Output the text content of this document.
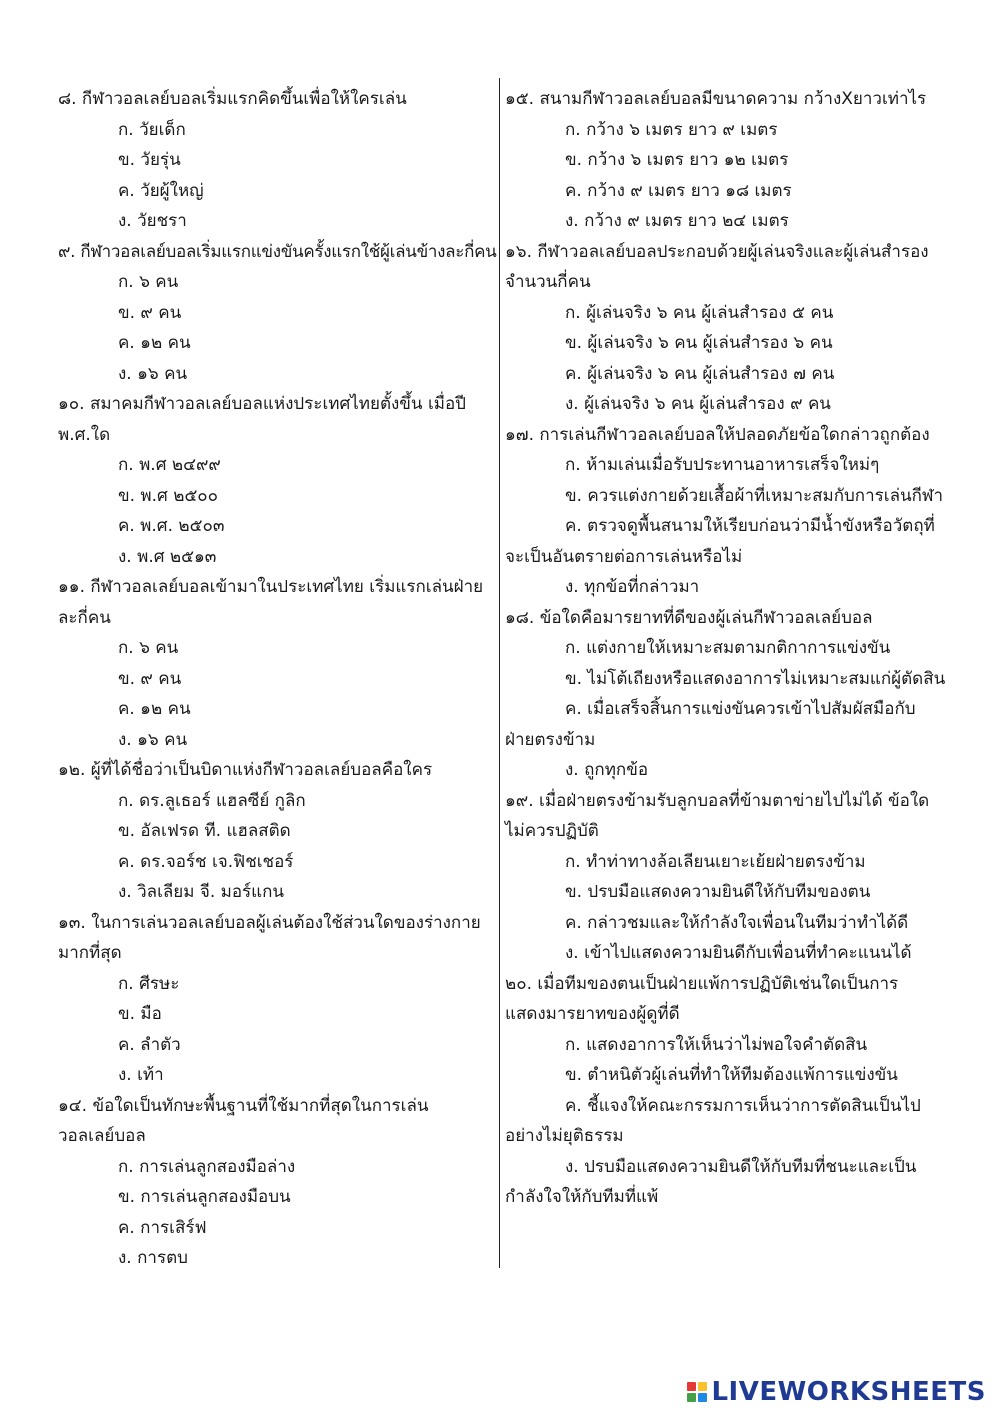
๘. กีฬาวอลเลย์บอลเริ่มแรกคิดขึ้นเพื่อให้ใครเล่น
ก. วัยเด็ก
ข. วัยรุ่น
ค. วัยผู้ใหญ่
ง. วัยชรา
๙. กีฬาวอลเลย์บอลเริ่มแรกแข่งขันครั้งแรกใช้ผู้เล่นข้างละกี่คน
ก. ๖ คน
ข. ๙ คน
ค. ๑๒ คน
ง. ๑๖ คน
๑๐. สมาคมกีฬาวอลเลย์บอลแห่งประเทศไทยตั้งขึ้น เมื่อปี พ.ศ.ใด
ก. พ.ศ ๒๔๙๙
ข. พ.ศ ๒๕๐๐
ค. พ.ศ. ๒๕๐๓
ง. พ.ศ ๒๕๑๓
๑๑. กีฬาวอลเลย์บอลเข้ามาในประเทศไทย เริ่มแรกเล่นฝ่ายละกี่คน
ก. ๖ คน
ข. ๙ คน
ค. ๑๒ คน
ง. ๑๖ คน
๑๒. ผู้ที่ได้ชื่อว่าเป็นบิดาแห่งกีฬาวอลเลย์บอลคือใคร
ก. ดร.ลูเธอร์ แฮลซีย์ กูลิก
ข. อัลเฟรด ที. แฮลสติด
ค. ดร.จอร์ช เจ.ฟิชเชอร์
ง. วิลเลียม จี. มอร์แกน
๑๓. ในการเล่นวอลเลย์บอลผู้เล่นต้องใช้ส่วนใดของร่างกายมากที่สุด
ก. ศีรษะ
ข. มือ
ค. ลำตัว
ง. เท้า
๑๔. ข้อใดเป็นทักษะพื้นฐานที่ใช้มากที่สุดในการเล่นวอลเลย์บอล
ก. การเล่นลูกสองมือล่าง
ข. การเล่นลูกสองมือบน
ค. การเสิร์ฟ
ง. การตบ
๑๕. สนามกีฬาวอลเลย์บอลมีขนาดความ กว้างXยาวเท่าไร
ก. กว้าง ๖ เมตร ยาว ๙ เมตร
ข. กว้าง ๖ เมตร ยาว ๑๒ เมตร
ค. กว้าง ๙ เมตร ยาว ๑๘ เมตร
ง. กว้าง ๙ เมตร ยาว ๒๔ เมตร
๑๖. กีฬาวอลเลย์บอลประกอบด้วยผู้เล่นจริงและผู้เล่นสำรองจำนวนกี่คน
ก. ผู้เล่นจริง ๖ คน ผู้เล่นสำรอง ๕ คน
ข. ผู้เล่นจริง ๖ คน ผู้เล่นสำรอง ๖ คน
ค. ผู้เล่นจริง ๖ คน ผู้เล่นสำรอง ๗ คน
ง. ผู้เล่นจริง ๖ คน ผู้เล่นสำรอง ๙ คน
๑๗. การเล่นกีฬาวอลเลย์บอลให้ปลอดภัยข้อใดกล่าวถูกต้อง
ก. ห้ามเล่นเมื่อรับประทานอาหารเสร็จใหม่ๆ
ข. ควรแต่งกายด้วยเสื้อผ้าที่เหมาะสมกับการเล่นกีฬา
ค. ตรวจดูพื้นสนามให้เรียบก่อนว่ามีน้ำขังหรือวัตถุที่จะเป็นอันตรายต่อการเล่นหรือไม่
ง. ทุกข้อที่กล่าวมา
๑๘. ข้อใดคือมารยาทที่ดีของผู้เล่นกีฬาวอลเลย์บอล
ก. แต่งกายให้เหมาะสมตามกติกาการแข่งขัน
ข. ไม่โต้เถียงหรือแสดงอาการไม่เหมาะสมแก่ผู้ตัดสิน
ค. เมื่อเสร็จสิ้นการแข่งขันควรเข้าไปสัมผัสมือกับฝ่ายตรงข้าม
ง. ถูกทุกข้อ
๑๙. เมื่อฝ่ายตรงข้ามรับลูกบอลที่ข้ามตาข่ายไปไม่ได้ ข้อใดไม่ควรปฏิบัติ
ก. ทำท่าทางล้อเลียนเยาะเย้ยฝ่ายตรงข้าม
ข. ปรบมือแสดงความยินดีให้กับทีมของตน
ค. กล่าวชมและให้กำลังใจเพื่อนในทีมว่าทำได้ดี
ง. เข้าไปแสดงความยินดีกับเพื่อนที่ทำคะแนนได้
๒๐. เมื่อทีมของตนเป็นฝ่ายแพ้การปฏิบัติเช่นใดเป็นการแสดงมารยาทของผู้ดูที่ดี
ก. แสดงอาการให้เห็นว่าไม่พอใจคำตัดสิน
ข. ตำหนิตัวผู้เล่นที่ทำให้ทีมต้องแพ้การแข่งขัน
ค. ชี้แจงให้คณะกรรมการเห็นว่าการตัดสินเป็นไปอย่างไม่ยุติธรรม
ง. ปรบมือแสดงความยินดีให้กับทีมที่ชนะและเป็นกำลังใจให้กับทีมที่แพ้
LIVEWORKSHEETS
